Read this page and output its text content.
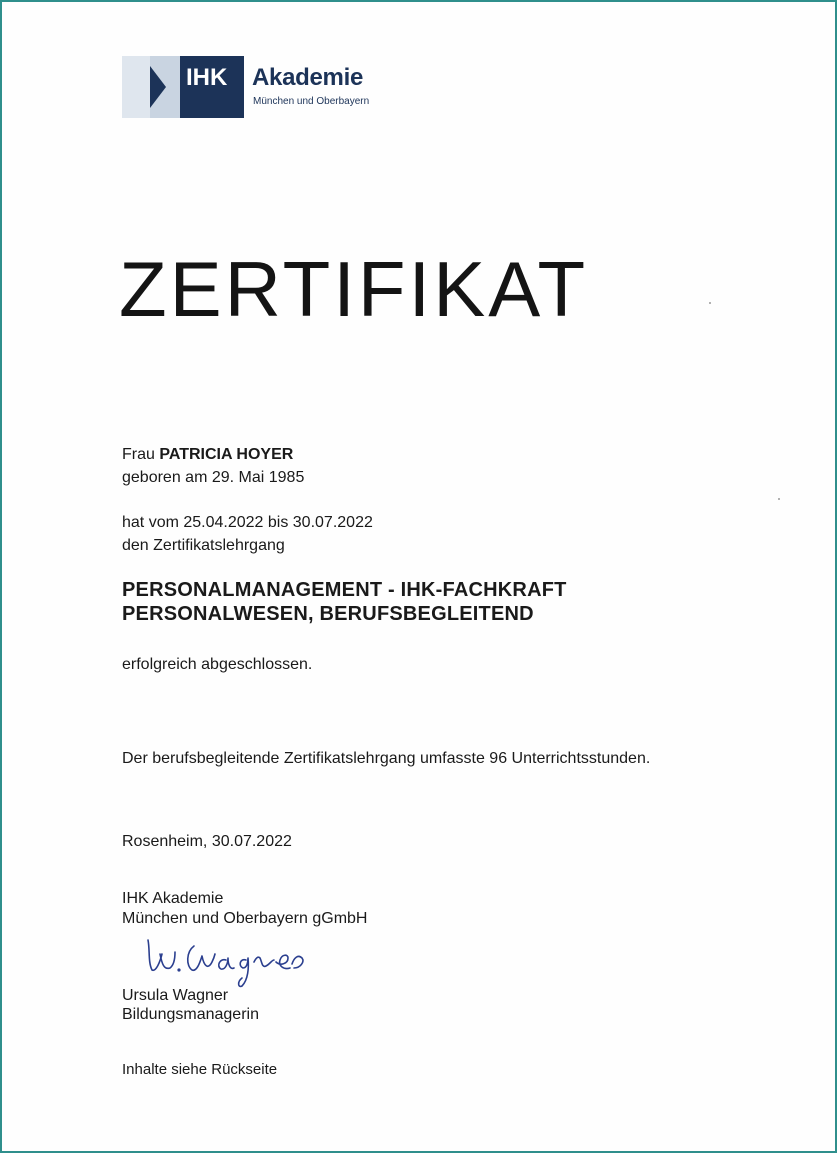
IHK Akademie
München und Oberbayern
ZERTIFIKAT
Frau PATRICIA HOYER
geboren am 29. Mai 1985
hat vom 25.04.2022 bis 30.07.2022
den Zertifikatslehrgang
PERSONALMANAGEMENT - IHK-FACHKRAFT
PERSONALWESEN, BERUFSBEGLEITEND
erfolgreich abgeschlossen.
Der berufsbegleitende Zertifikatslehrgang umfasste 96 Unterrichtsstunden.
Rosenheim, 30.07.2022
IHK Akademie
München und Oberbayern gGmbH
Ursula Wagner
Bildungsmanagerin
Inhalte siehe Rückseite
